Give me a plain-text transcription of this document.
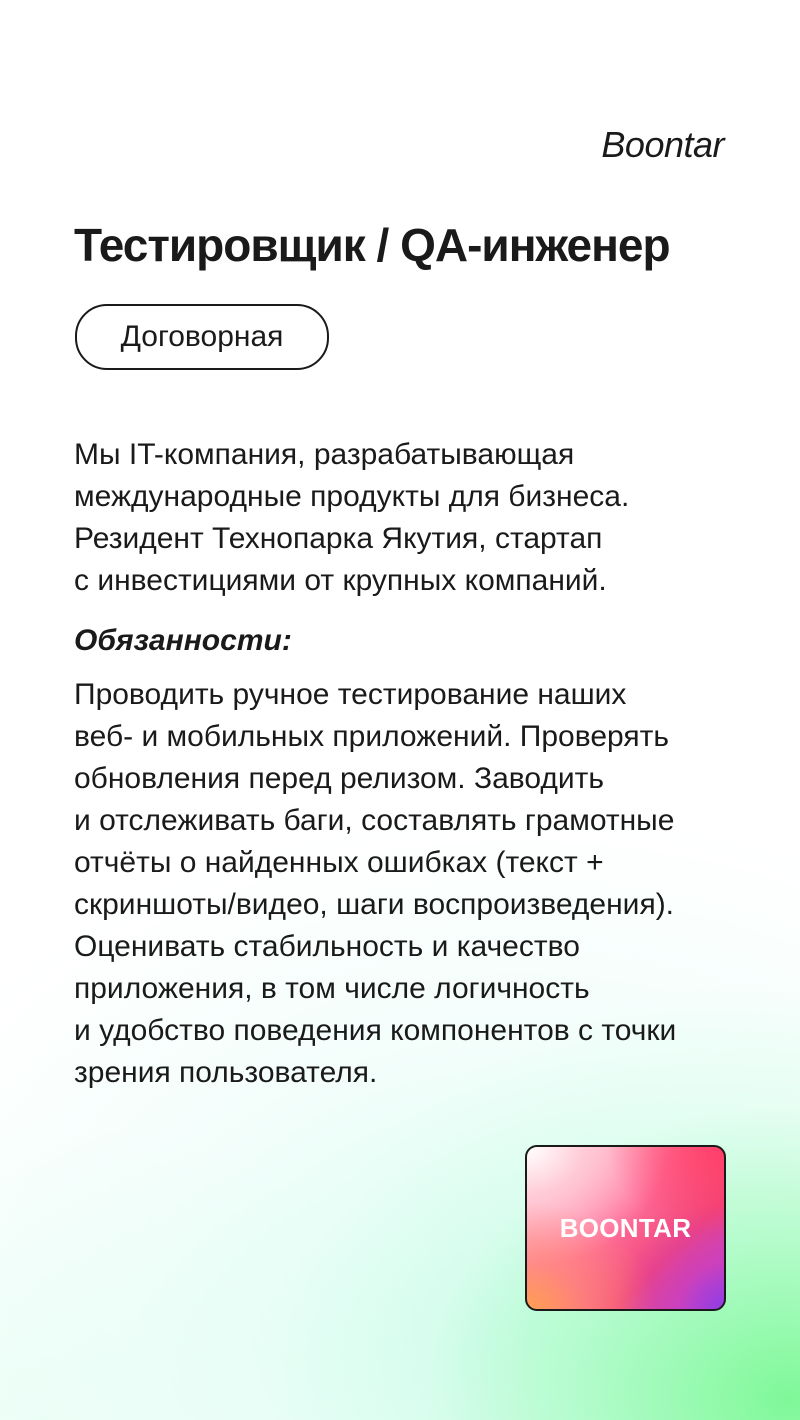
Boontar
Тестировщик / QA-инженер
Договорная
Мы IT-компания, разрабатывающая
международные продукты для бизнеса.
Резидент Технопарка Якутия, стартап
с инвестициями от крупных компаний.
Обязанности:
Проводить ручное тестирование наших
веб- и мобильных приложений. Проверять
обновления перед релизом. Заводить
и отслеживать баги, составлять грамотные
отчёты о найденных ошибках (текст +
скриншоты/видео, шаги воспроизведения).
Оценивать стабильность и качество
приложения, в том числе логичность
и удобство поведения компонентов с точки
зрения пользователя.
BOONTAR
